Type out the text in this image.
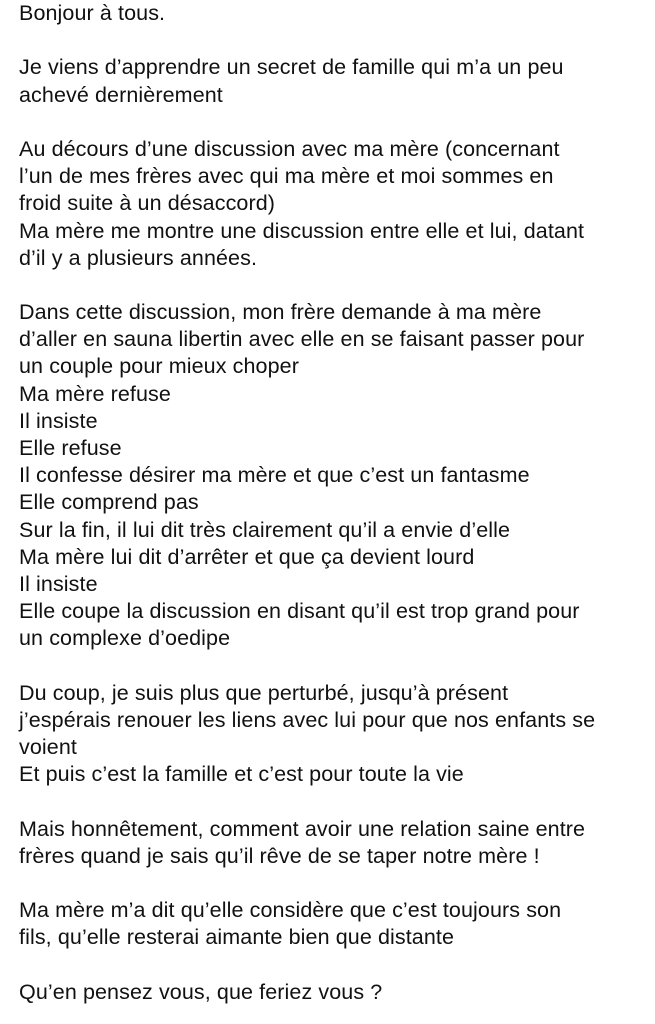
Bonjour à tous.
Je viens d’apprendre un secret de famille qui m’a un peu
achevé dernièrement
Au décours d’une discussion avec ma mère (concernant
l’un de mes frères avec qui ma mère et moi sommes en
froid suite à un désaccord)
Ma mère me montre une discussion entre elle et lui, datant
d’il y a plusieurs années.
Dans cette discussion, mon frère demande à ma mère
d’aller en sauna libertin avec elle en se faisant passer pour
un couple pour mieux choper
Ma mère refuse
Il insiste
Elle refuse
Il confesse désirer ma mère et que c’est un fantasme
Elle comprend pas
Sur la fin, il lui dit très clairement qu’il a envie d’elle
Ma mère lui dit d’arrêter et que ça devient lourd
Il insiste
Elle coupe la discussion en disant qu’il est trop grand pour
un complexe d’oedipe
Du coup, je suis plus que perturbé, jusqu’à présent
j’espérais renouer les liens avec lui pour que nos enfants se
voient
Et puis c’est la famille et c’est pour toute la vie
Mais honnêtement, comment avoir une relation saine entre
frères quand je sais qu’il rêve de se taper notre mère !
Ma mère m’a dit qu’elle considère que c’est toujours son
fils, qu’elle resterai aimante bien que distante
Qu’en pensez vous, que feriez vous ?
